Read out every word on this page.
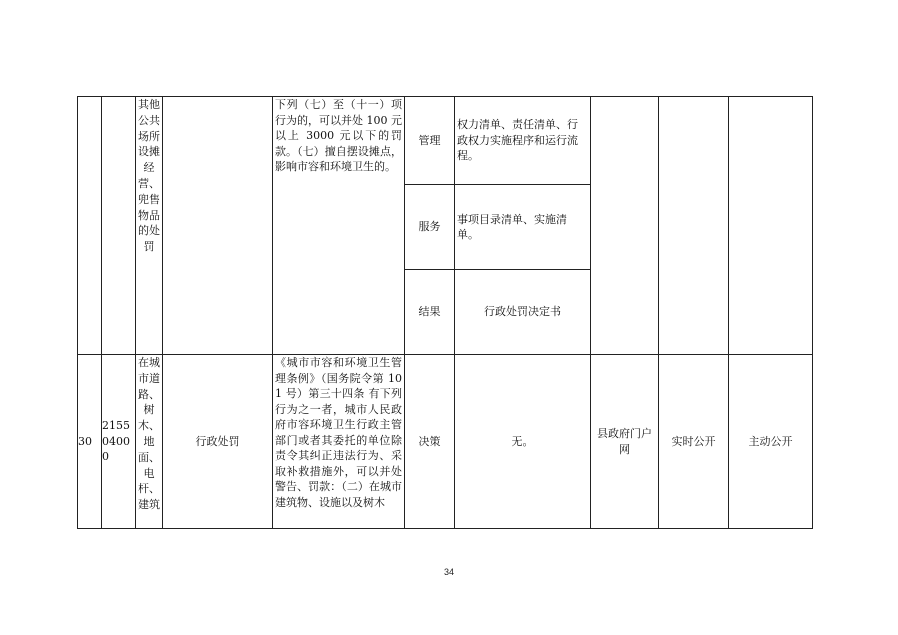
		其他公共场所设摊经营、兜售物品的处罚		下列（七）至（十一）项行为的，可以并处 100 元以上 3000 元以下的罚款。（七）擅自摆设摊点，影响市容和环境卫生的。	管理	权力清单、责任清单、行政权力实施程序和运行流程。			
					服务	事项目录清单、实施清单。			
					结果	行政处罚决定书			
30	215504000	在城市道路、树木、地面、电杆、建筑	行政处罚	《城市市容和环境卫生管理条例》（国务院令第 101 号）第三十四条 有下列行为之一者，城市人民政府市容环境卫生行政主管部门或者其委托的单位除责令其纠正违法行为、采取补救措施外，可以并处警告、罚款：（二）在城市建筑物、设施以及树木	决策	无。	县政府门户网	实时公开	主动公开
34
